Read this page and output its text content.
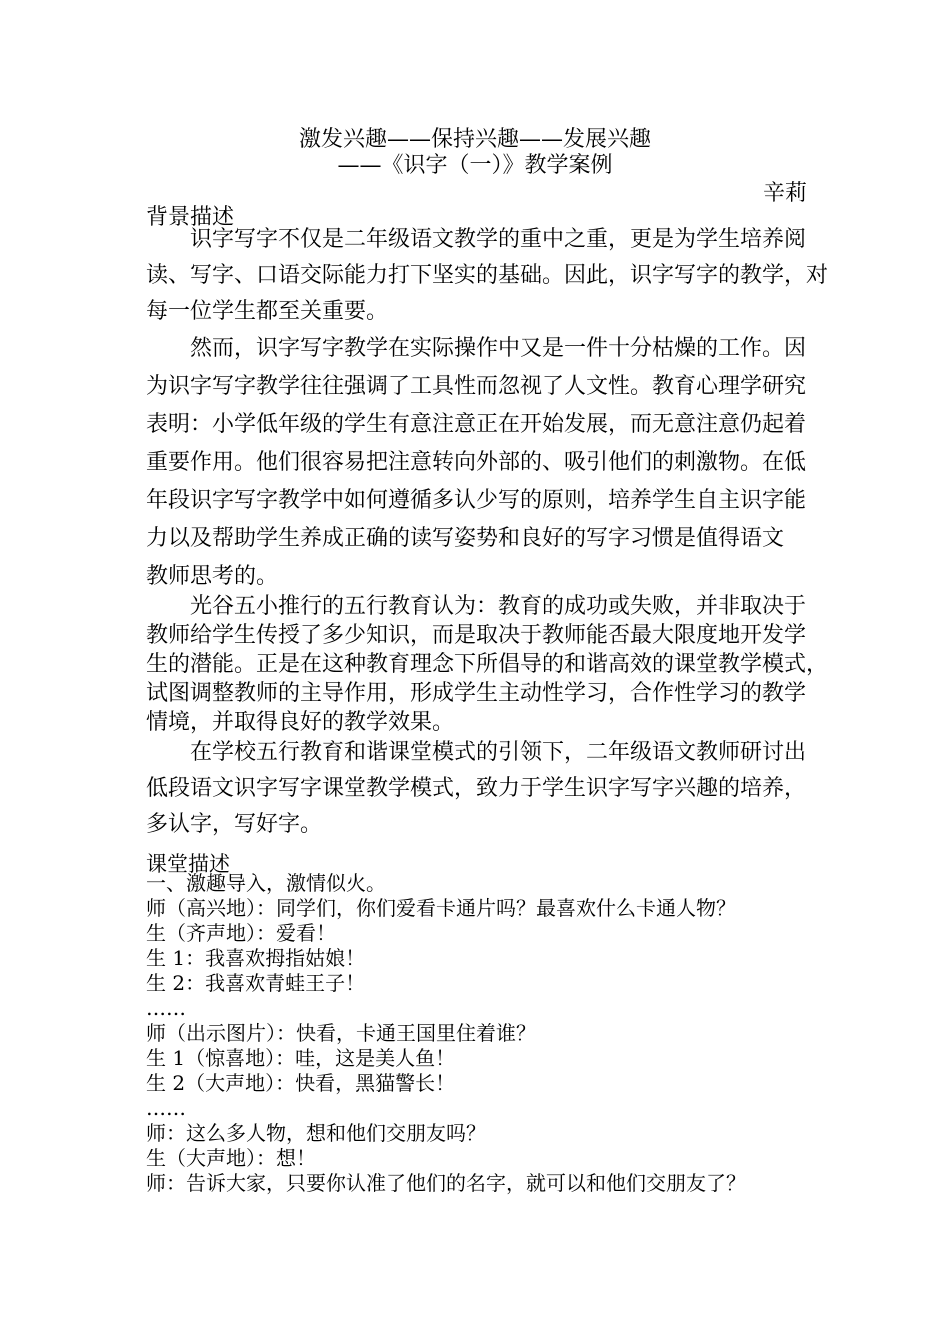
激发兴趣——保持兴趣——发展兴趣
——《识字（一）》教学案例
辛莉
背景描述
识字写字不仅是二年级语文教学的重中之重，更是为学生培养阅
读、写字、口语交际能力打下坚实的基础。因此，识字写字的教学，对
每一位学生都至关重要。
然而，识字写字教学在实际操作中又是一件十分枯燥的工作。因
为识字写字教学往往强调了工具性而忽视了人文性。教育心理学研究
表明：小学低年级的学生有意注意正在开始发展，而无意注意仍起着
重要作用。他们很容易把注意转向外部的、吸引他们的刺激物。在低
年段识字写字教学中如何遵循多认少写的原则，培养学生自主识字能
力以及帮助学生养成正确的读写姿势和良好的写字习惯是值得语文
教师思考的。
光谷五小推行的五行教育认为：教育的成功或失败，并非取决于
教师给学生传授了多少知识，而是取决于教师能否最大限度地开发学
生的潜能。正是在这种教育理念下所倡导的和谐高效的课堂教学模式，
试图调整教师的主导作用，形成学生主动性学习，合作性学习的教学
情境，并取得良好的教学效果。
在学校五行教育和谐课堂模式的引领下，二年级语文教师研讨出
低段语文识字写字课堂教学模式，致力于学生识字写字兴趣的培养，
多认字，写好字。
课堂描述
一、激趣导入，激情似火。
师（高兴地）：同学们，你们爱看卡通片吗？最喜欢什么卡通人物？
生（齐声地）：爱看！
生 1：我喜欢拇指姑娘！
生 2：我喜欢青蛙王子！
……
师（出示图片）：快看，卡通王国里住着谁？
生 1（惊喜地）：哇，这是美人鱼！
生 2（大声地）：快看，黑猫警长！
……
师：这么多人物，想和他们交朋友吗？
生（大声地）：想！
师：告诉大家，只要你认准了他们的名字，就可以和他们交朋友了？
